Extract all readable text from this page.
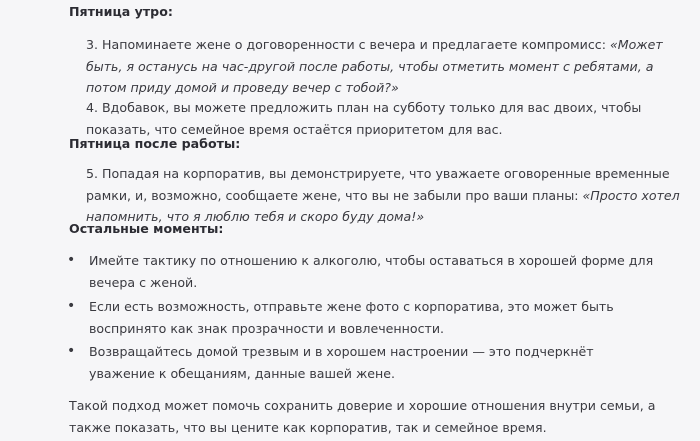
Пятница утро:

3. Напоминаете жене о договоренности с вечера и предлагаете компромисс: «Может быть, я останусь на час-другой после работы, чтобы отметить момент с ребятами, а потом приду домой и проведу вечер с тобой?»

4. Вдобавок, вы можете предложить план на субботу только для вас двоих, чтобы показать, что семейное время остаётся приоритетом для вас.

Пятница после работы:

5. Попадая на корпоратив, вы демонстрируете, что уважаете оговоренные временные рамки, и, возможно, сообщаете жене, что вы не забыли про ваши планы: «Просто хотел напомнить, что я люблю тебя и скоро буду дома!»

Остальные моменты:
• Имейте тактику по отношению к алкоголю, чтобы оставаться в хорошей форме для вечера с женой.

• Если есть возможность, отправьте жене фото с корпоратива, это может быть воспринято как знак прозрачности и вовлеченности.

• Возвращайтесь домой трезвым и в хорошем настроении — это подчеркнёт уважение к обещаниям, данные вашей жене.

Такой подход может помочь сохранить доверие и хорошие отношения внутри семьи, а также показать, что вы цените как корпоратив, так и семейное время.
